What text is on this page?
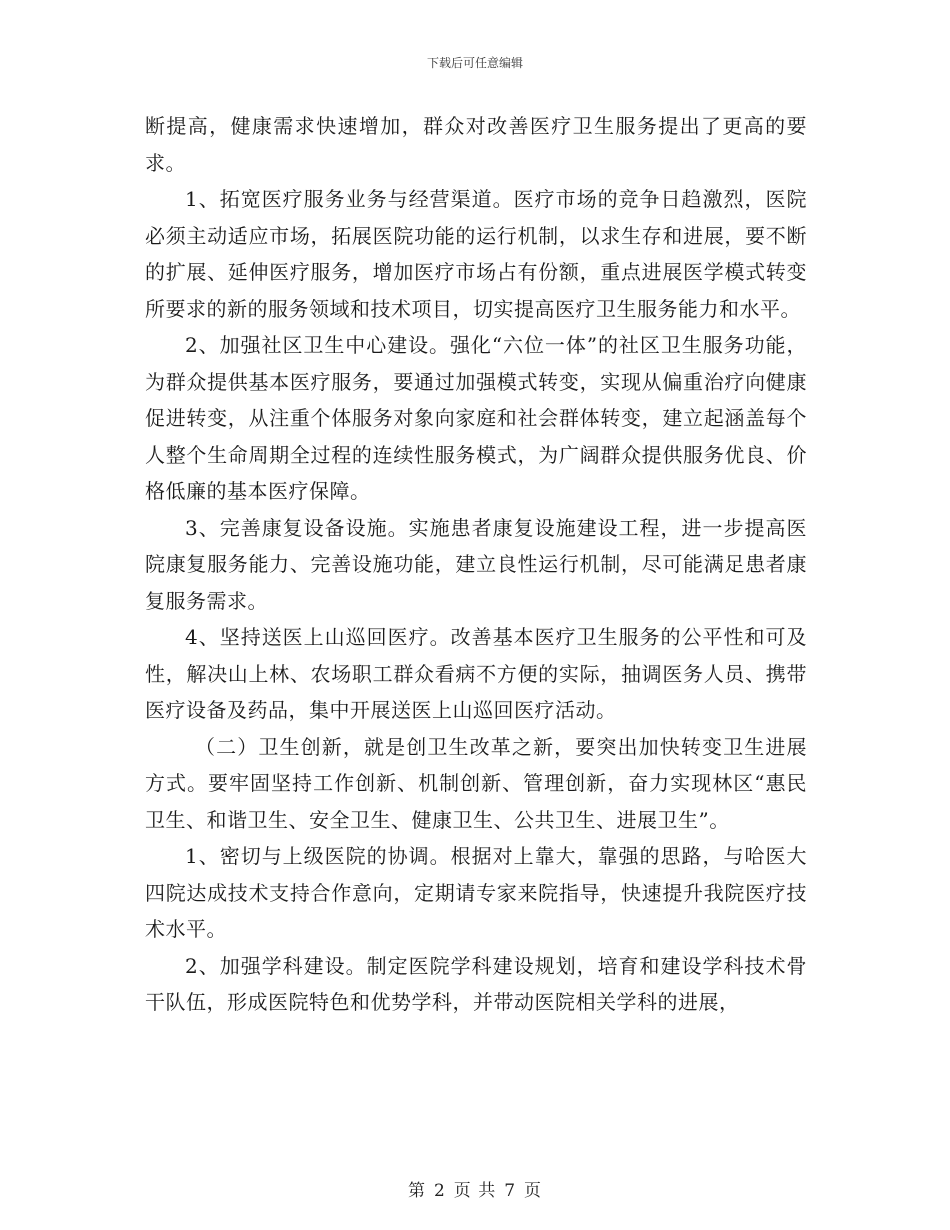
下载后可任意编辑

断提高，健康需求快速增加，群众对改善医疗卫生服务提出了更高的要求。

1、拓宽医疗服务业务与经营渠道。医疗市场的竞争日趋激烈，医院必须主动适应市场，拓展医院功能的运行机制，以求生存和进展，要不断的扩展、延伸医疗服务，增加医疗市场占有份额，重点进展医学模式转变所要求的新的服务领域和技术项目，切实提高医疗卫生服务能力和水平。

2、加强社区卫生中心建设。强化“六位一体”的社区卫生服务功能，为群众提供基本医疗服务，要通过加强模式转变，实现从偏重治疗向健康促进转变，从注重个体服务对象向家庭和社会群体转变，建立起涵盖每个人整个生命周期全过程的连续性服务模式，为广阔群众提供服务优良、价格低廉的基本医疗保障。

3、完善康复设备设施。实施患者康复设施建设工程，进一步提高医院康复服务能力、完善设施功能，建立良性运行机制，尽可能满足患者康复服务需求。

4、坚持送医上山巡回医疗。改善基本医疗卫生服务的公平性和可及性，解决山上林、农场职工群众看病不方便的实际，抽调医务人员、携带医疗设备及药品，集中开展送医上山巡回医疗活动。

（二）卫生创新，就是创卫生改革之新，要突出加快转变卫生进展方式。要牢固坚持工作创新、机制创新、管理创新，奋力实现林区“惠民卫生、和谐卫生、安全卫生、健康卫生、公共卫生、进展卫生”。

1、密切与上级医院的协调。根据对上靠大，靠强的思路，与哈医大四院达成技术支持合作意向，定期请专家来院指导，快速提升我院医疗技术水平。

2、加强学科建设。制定医院学科建设规划，培育和建设学科技术骨干队伍，形成医院特色和优势学科，并带动医院相关学科的进展，

第 2 页 共 7 页
